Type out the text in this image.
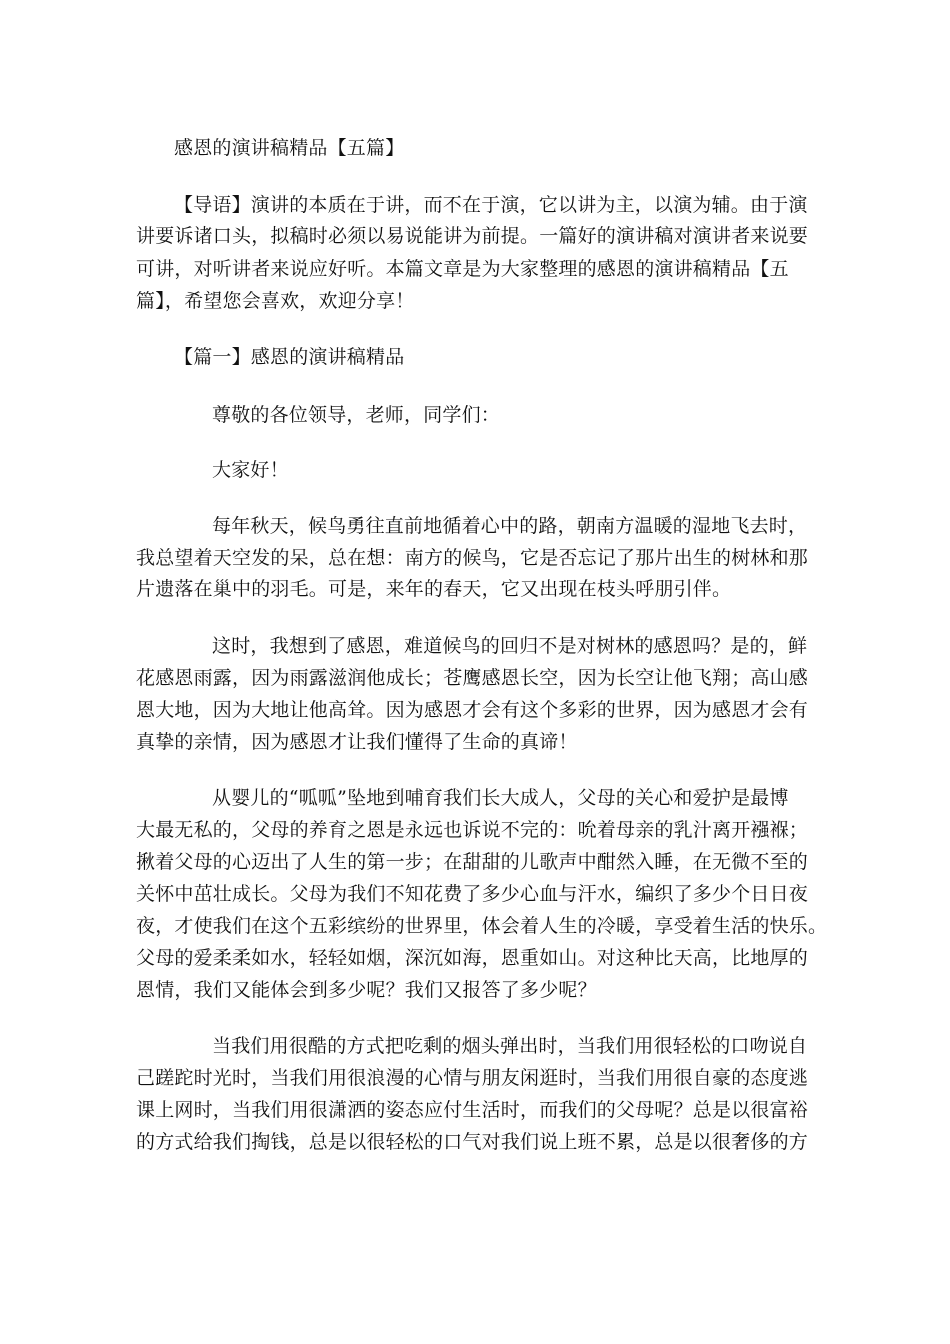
感恩的演讲稿精品【五篇】
【导语】演讲的本质在于讲，而不在于演，它以讲为主，以演为辅。由于演
讲要诉诸口头，拟稿时必须以易说能讲为前提。一篇好的演讲稿对演讲者来说要
可讲，对听讲者来说应好听。本篇文章是为大家整理的感恩的演讲稿精品【五
篇】，希望您会喜欢，欢迎分享！
【篇一】感恩的演讲稿精品
尊敬的各位领导，老师，同学们：
大家好！
每年秋天，候鸟勇往直前地循着心中的路，朝南方温暖的湿地飞去时，
我总望着天空发的呆，总在想：南方的候鸟，它是否忘记了那片出生的树林和那
片遗落在巢中的羽毛。可是，来年的春天，它又出现在枝头呼朋引伴。
这时，我想到了感恩，难道候鸟的回归不是对树林的感恩吗？是的，鲜
花感恩雨露，因为雨露滋润他成长；苍鹰感恩长空，因为长空让他飞翔；高山感
恩大地，因为大地让他高耸。因为感恩才会有这个多彩的世界，因为感恩才会有
真挚的亲情，因为感恩才让我们懂得了生命的真谛！
从婴儿的“呱呱”坠地到哺育我们长大成人，父母的关心和爱护是最博
大最无私的，父母的养育之恩是永远也诉说不完的：吮着母亲的乳汁离开襁褓；
揪着父母的心迈出了人生的第一步；在甜甜的儿歌声中酣然入睡，在无微不至的
关怀中茁壮成长。父母为我们不知花费了多少心血与汗水，编织了多少个日日夜
夜，才使我们在这个五彩缤纷的世界里，体会着人生的冷暖，享受着生活的快乐。
父母的爱柔柔如水，轻轻如烟，深沉如海，恩重如山。对这种比天高，比地厚的
恩情，我们又能体会到多少呢？我们又报答了多少呢？
当我们用很酷的方式把吃剩的烟头弹出时，当我们用很轻松的口吻说自
己蹉跎时光时，当我们用很浪漫的心情与朋友闲逛时，当我们用很自豪的态度逃
课上网时，当我们用很潇洒的姿态应付生活时，而我们的父母呢？总是以很富裕
的方式给我们掏钱，总是以很轻松的口气对我们说上班不累，总是以很奢侈的方
